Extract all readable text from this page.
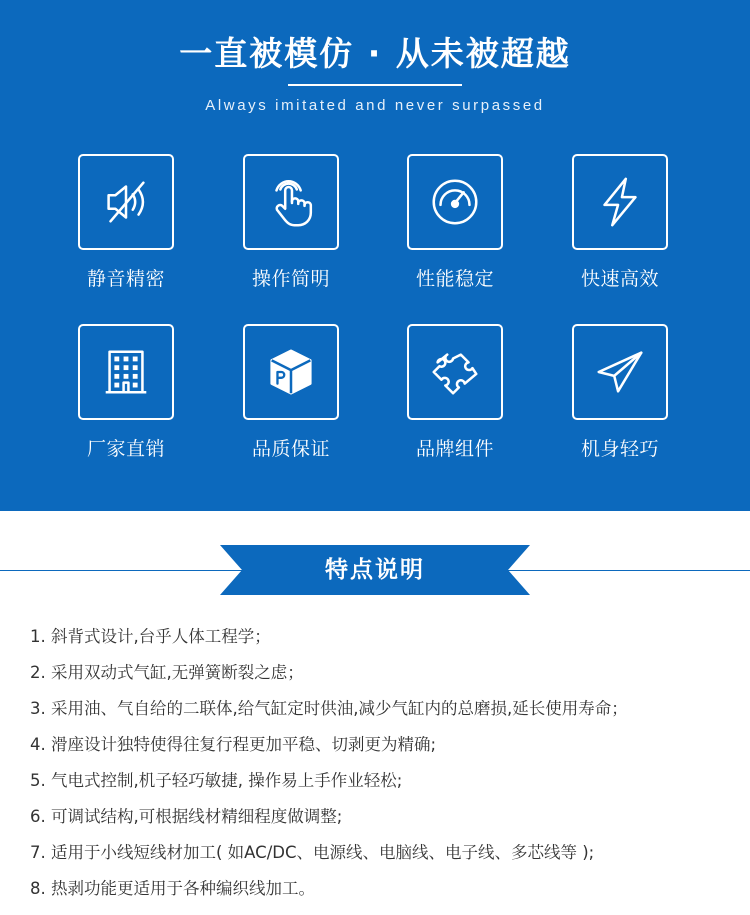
一直被模仿 · 从未被超越
Always imitated and never surpassed
静音精密	操作简明	性能稳定	快速高效
厂家直销	品质保证	品牌组件	机身轻巧
特点说明
1. 斜背式设计,台乎人体工程学；
2. 采用双动式气缸,无弹簧断裂之虑；
3. 采用油、气自给的二联体,给气缸定时供油,减少气缸内的总磨损,延长使用寿命；
4. 滑座设计独特使得往复行程更加平稳、切剥更为精确;
5. 气电式控制,机子轻巧敏捷, 操作易上手作业轻松;
6. 可调试结构,可根据线材精细程度做调整;
7. 适用于小线短线材加工( 如AC/DC、电源线、电脑线、电子线、多芯线等 );
8. 热剥功能更适用于各种编织线加工。
